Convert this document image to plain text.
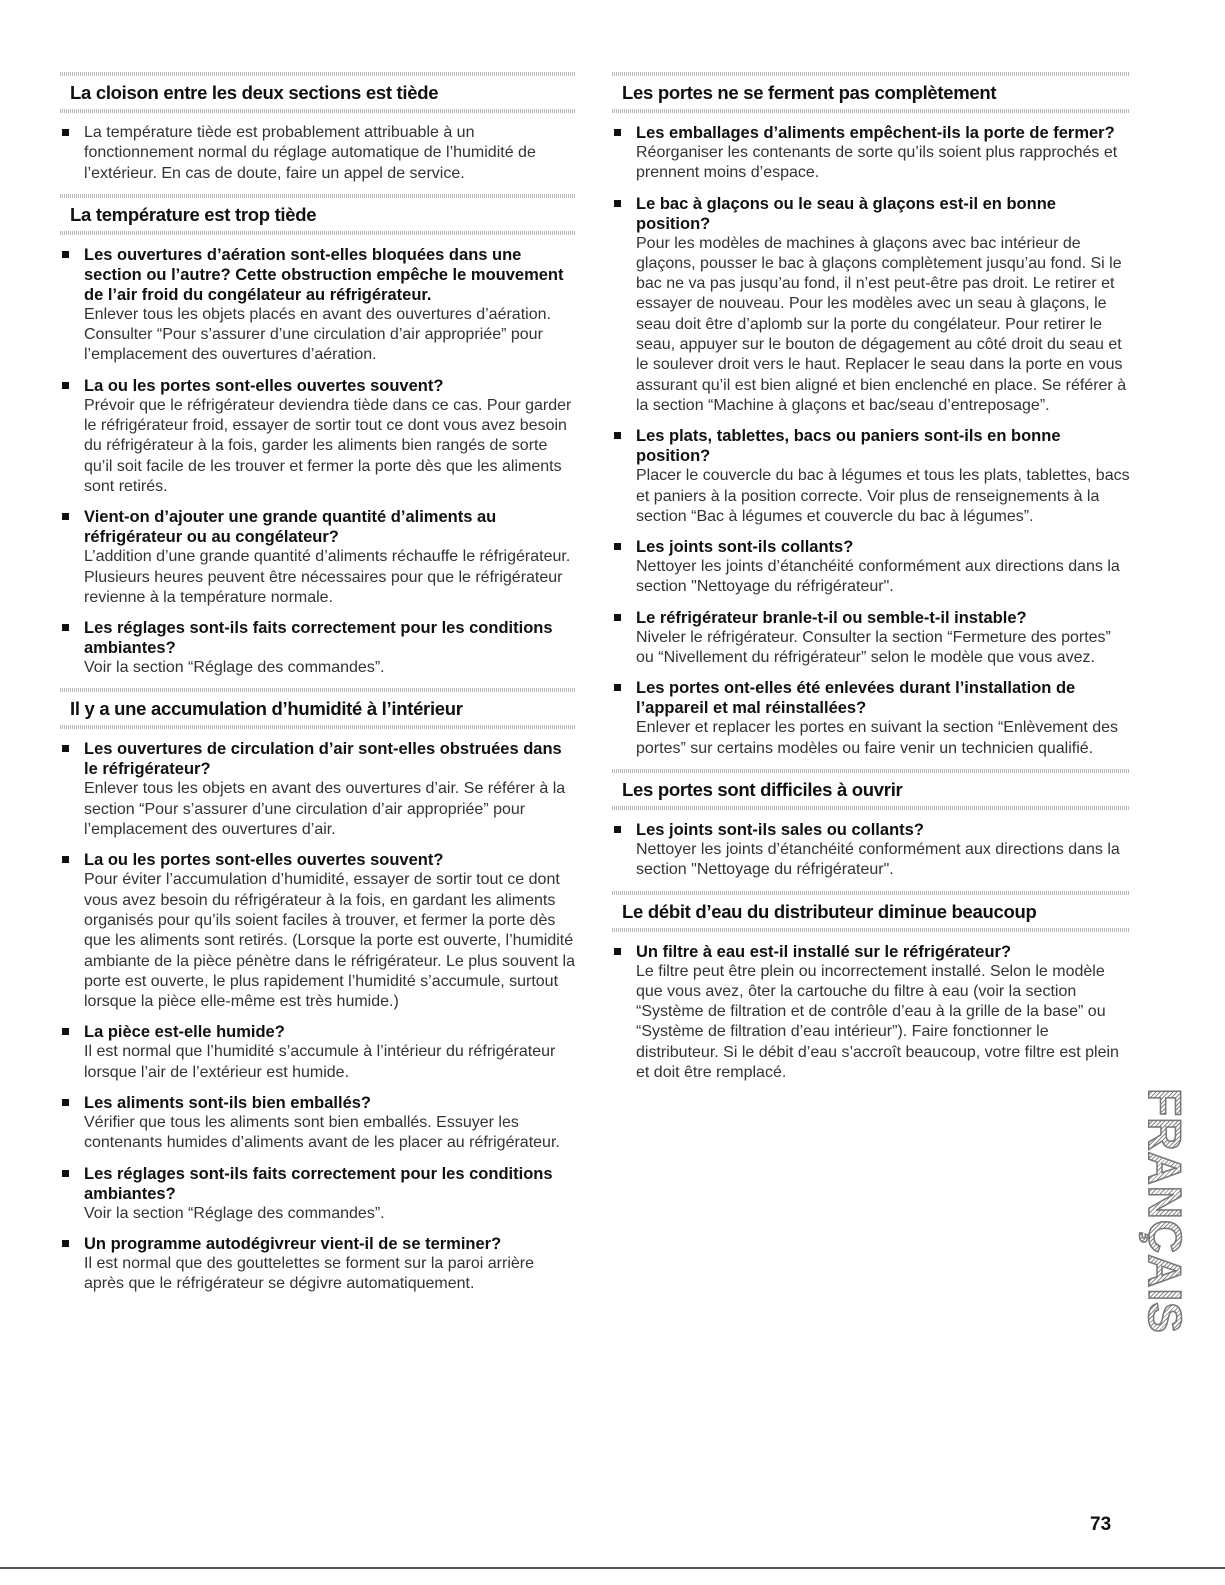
La cloison entre les deux sections est tiède

La température tiède est probablement attribuable à un fonctionnement normal du réglage automatique de l’humidité de l’extérieur. En cas de doute, faire un appel de service.

La température est trop tiède

Les ouvertures d’aération sont-elles bloquées dans une section ou l’autre? Cette obstruction empêche le mouvement de l’air froid du congélateur au réfrigérateur.

Enlever tous les objets placés en avant des ouvertures d’aération. Consulter “Pour s’assurer d’une circulation d’air appropriée” pour l’emplacement des ouvertures d’aération.

La ou les portes sont-elles ouvertes souvent?

Prévoir que le réfrigérateur deviendra tiède dans ce cas. Pour garder le réfrigérateur froid, essayer de sortir tout ce dont vous avez besoin du réfrigérateur à la fois, garder les aliments bien rangés de sorte qu’il soit facile de les trouver et fermer la porte dès que les aliments sont retirés.

Vient-on d’ajouter une grande quantité d’aliments au réfrigérateur ou au congélateur?

L’addition d’une grande quantité d’aliments réchauffe le réfrigérateur. Plusieurs heures peuvent être nécessaires pour que le réfrigérateur revienne à la température normale.

Les réglages sont-ils faits correctement pour les conditions ambiantes?

Voir la section “Réglage des commandes”.

Il y a une accumulation d’humidité à l’intérieur

Les ouvertures de circulation d’air sont-elles obstruées dans le réfrigérateur?

Enlever tous les objets en avant des ouvertures d’air. Se référer à la section “Pour s’assurer d’une circulation d’air appropriée” pour l’emplacement des ouvertures d’air.

La ou les portes sont-elles ouvertes souvent?

Pour éviter l’accumulation d’humidité, essayer de sortir tout ce dont vous avez besoin du réfrigérateur à la fois, en gardant les aliments organisés pour qu’ils soient faciles à trouver, et fermer la porte dès que les aliments sont retirés. (Lorsque la porte est ouverte, l’humidité ambiante de la pièce pénètre dans le réfrigérateur. Le plus souvent la porte est ouverte, le plus rapidement l’humidité s’accumule, surtout lorsque la pièce elle-même est très humide.)

La pièce est-elle humide?

Il est normal que l’humidité s’accumule à l’intérieur du réfrigérateur lorsque l’air de l’extérieur est humide.

Les aliments sont-ils bien emballés?

Vérifier que tous les aliments sont bien emballés. Essuyer les contenants humides d’aliments avant de les placer au réfrigérateur.

Les réglages sont-ils faits correctement pour les conditions ambiantes?

Voir la section “Réglage des commandes”.

Un programme autodégivreur vient-il de se terminer?

Il est normal que des gouttelettes se forment sur la paroi arrière après que le réfrigérateur se dégivre automatiquement.

Les portes ne se ferment pas complètement

Les emballages d’aliments empêchent-ils la porte de fermer?

Réorganiser les contenants de sorte qu’ils soient plus rapprochés et prennent moins d’espace.

Le bac à glaçons ou le seau à glaçons est-il en bonne position?

Pour les modèles de machines à glaçons avec bac intérieur de glaçons, pousser le bac à glaçons complètement jusqu’au fond. Si le bac ne va pas jusqu’au fond, il n’est peut-être pas droit. Le retirer et essayer de nouveau. Pour les modèles avec un seau à glaçons, le seau doit être d’aplomb sur la porte du congélateur. Pour retirer le seau, appuyer sur le bouton de dégagement au côté droit du seau et le soulever droit vers le haut. Replacer le seau dans la porte en vous assurant qu’il est bien aligné et bien enclenché en place. Se référer à la section “Machine à glaçons et bac/seau d’entreposage”.

Les plats, tablettes, bacs ou paniers sont-ils en bonne position?

Placer le couvercle du bac à légumes et tous les plats, tablettes, bacs et paniers à la position correcte. Voir plus de renseignements à la section “Bac à légumes et couvercle du bac à légumes”.

Les joints sont-ils collants?

Nettoyer les joints d’étanchéité conformément aux directions dans la section "Nettoyage du réfrigérateur".

Le réfrigérateur branle-t-il ou semble-t-il instable?

Niveler le réfrigérateur. Consulter la section “Fermeture des portes” ou “Nivellement du réfrigérateur” selon le modèle que vous avez.

Les portes ont-elles été enlevées durant l’installation de l’appareil et mal réinstallées?

Enlever et replacer les portes en suivant la section “Enlèvement des portes” sur certains modèles ou faire venir un technicien qualifié.

Les portes sont difficiles à ouvrir

Les joints sont-ils sales ou collants?

Nettoyer les joints d’étanchéité conformément aux directions dans la section "Nettoyage du réfrigérateur".

Le débit d’eau du distributeur diminue beaucoup

Un filtre à eau est-il installé sur le réfrigérateur?

Le filtre peut être plein ou incorrectement installé. Selon le modèle que vous avez, ôter la cartouche du filtre à eau (voir la section “Système de filtration et de contrôle d’eau à la grille de la base” ou “Système de filtration d’eau intérieur”). Faire fonctionner le distributeur. Si le débit d’eau s’accroît beaucoup, votre filtre est plein et doit être remplacé.

FRANÇAIS
73
